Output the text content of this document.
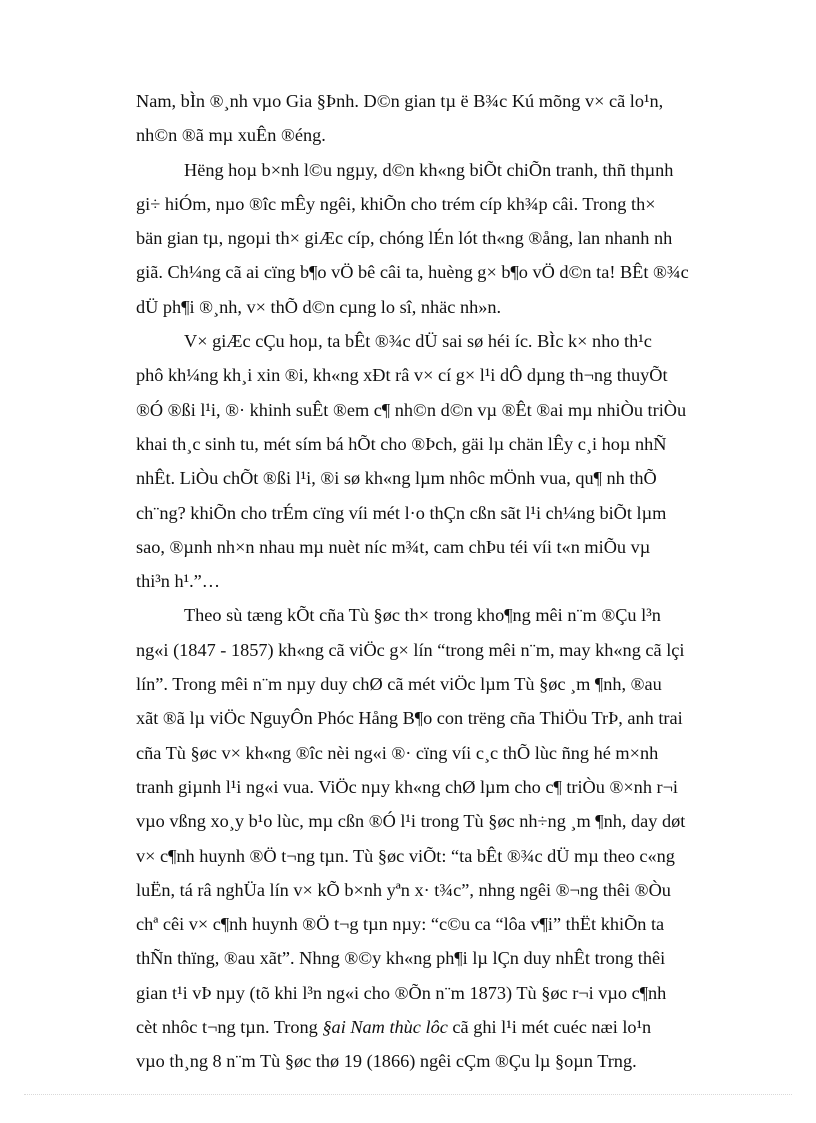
Nam, bÌn ®¸nh vµo Gia §Þnh. D©n gian tµ ë B¾c Kú mõng v× cã lo¹n,
nh©n ®ã mµ xuÊn ®éng.
Hëng hoµ b×nh l©u ngµy, d©n kh«ng biÕt chiÕn tranh, thñ thµnh
gi÷ hiÓm, nµo ®îc mÊy ngêi, khiÕn cho trém cíp kh¾p câi. Trong th×
bän gian tµ, ngoµi th× giÆc cíp, chóng lÉn lót th«ng ®ång, lan nhanh nh
giã. Ch¼ng cã ai cïng b¶o vÖ bê câi ta, huèng g× b¶o vÖ d©n ta! BÊt ®¾c
dÜ ph¶i ®¸nh, v× thÕ d©n cµng lo sî, nhäc nh»n.
V× giÆc cÇu hoµ, ta bÊt ®¾c dÜ sai sø héi íc. BÌc k× nho th¹c
phô kh¼ng kh¸i xin ®i, kh«ng xÐt râ v× cí g× l¹i dÔ dµng th¬ng thuyÕt
®Ó ®ßi l¹i, ®· khinh suÊt ®em c¶ nh©n d©n vµ ®Êt ®ai mµ nhiÒu triÒu
khai th¸c sinh tu, mét sím bá hÕt cho ®Þch, gäi lµ chän lÊy c¸i hoµ nhÑ
nhÊt. LiÒu chÕt ®ßi l¹i, ®i sø kh«ng lµm nhôc mÖnh vua, qu¶ nh thÕ
ch¨ng? khiÕn cho trÉm cïng víi mét l·o thÇn cßn sãt l¹i ch¼ng biÕt lµm
sao, ®µnh nh×n nhau mµ nuèt níc m¾t, cam chÞu téi víi t«n miÕu vµ
thi³n h¹.”…
Theo sù tæng kÕt cña Tù §øc th× trong kho¶ng mêi n¨m ®Çu l³n
ng«i (1847 - 1857) kh«ng cã viÖc g× lín “trong mêi n¨m, may kh«ng cã lçi
lín”. Trong mêi n¨m nµy duy chØ cã mét viÖc lµm Tù §øc ¸m ¶nh, ®au
xãt ®ã lµ viÖc NguyÔn Phóc Hång B¶o con trëng cña ThiÖu TrÞ, anh trai
cña Tù §øc v× kh«ng ®îc nèi ng«i ®· cïng víi c¸c thÕ lùc ñng hé m×nh
tranh giµnh l¹i ng«i vua. ViÖc nµy kh«ng chØ lµm cho c¶ triÒu ®×nh r¬i
vµo vßng xo¸y b¹o lùc, mµ cßn ®Ó l¹i trong Tù §øc nh÷ng ¸m ¶nh, day døt
v× c¶nh huynh ®Ö t¬ng tµn. Tù §øc viÕt: “ta bÊt ®¾c dÜ mµ theo c«ng
luËn, tá râ nghÜa lín v× kÕ b×nh yªn x· t¾c”, nhng ngêi ®¬ng thêi ®Òu
chª cêi v× c¶nh huynh ®Ö t¬g tµn nµy: “c©u ca “lôa v¶i” thËt khiÕn ta
thÑn thïng, ®au xãt”. Nhng ®©y kh«ng ph¶i lµ lÇn duy nhÊt trong thêi
gian t¹i vÞ nµy (tõ khi l³n ng«i cho ®Õn n¨m 1873) Tù §øc r¬i vµo c¶nh
cèt nhôc t¬ng tµn. Trong §ai Nam thùc lôc cã ghi l¹i mét cuéc næi lo¹n
vµo th¸ng 8 n¨m Tù §øc thø 19 (1866) ngêi cÇm ®Çu lµ §oµn Trng.
